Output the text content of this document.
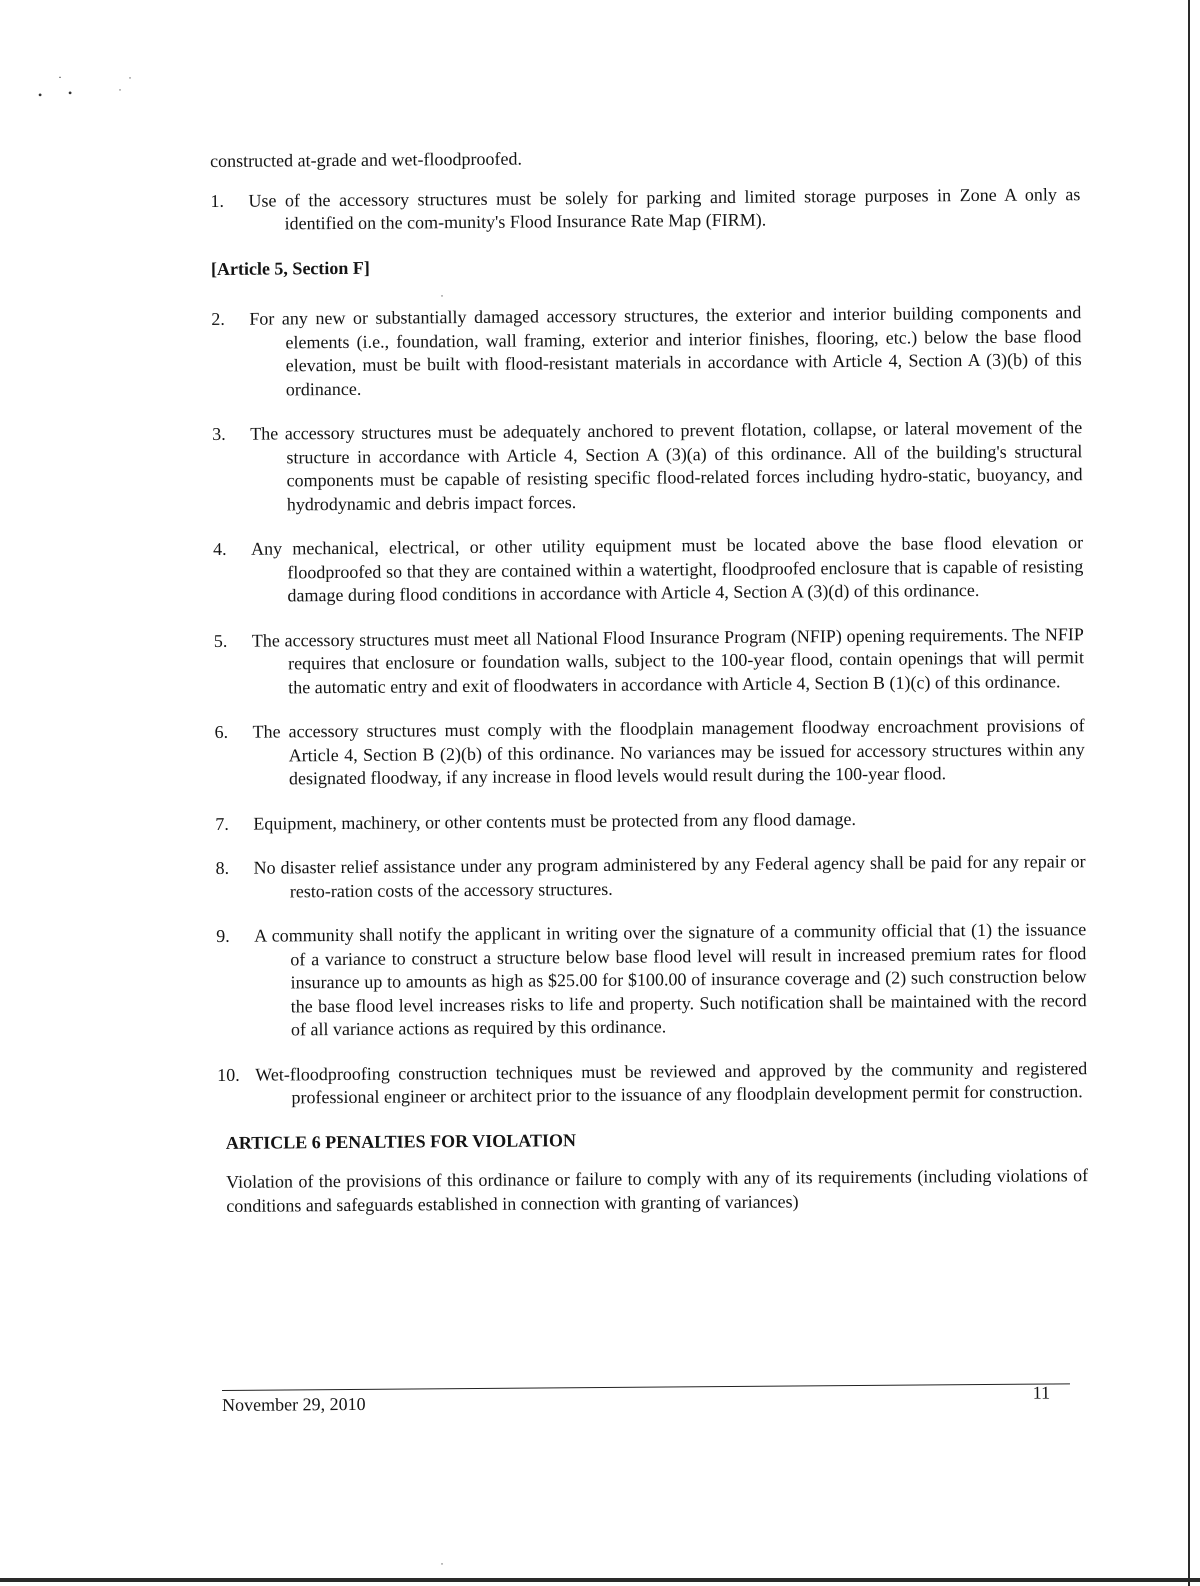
·
• •	˙
˙
˙
˙

constructed at-grade and wet-floodproofed.

1.	Use of the accessory structures must be solely for parking and limited storage purposes in Zone A only as identified on the com-munity's Flood Insurance Rate Map (FIRM).

[Article 5, Section F]

2.	For any new or substantially damaged accessory structures, the exterior and interior building components and elements (i.e., foundation, wall framing, exterior and interior finishes, flooring, etc.) below the base flood elevation, must be built with flood-resistant materials in accordance with Article 4, Section A (3)(b) of this ordinance.
3.	The accessory structures must be adequately anchored to prevent flotation, collapse, or lateral movement of the structure in accordance with Article 4, Section A (3)(a) of this ordinance. All of the building's structural components must be capable of resisting specific flood-related forces including hydro-static, buoyancy, and hydrodynamic and debris impact forces.
4.	Any mechanical, electrical, or other utility equipment must be located above the base flood elevation or floodproofed so that they are contained within a watertight, floodproofed enclosure that is capable of resisting damage during flood conditions in accordance with Article 4, Section A (3)(d) of this ordinance.
5.	The accessory structures must meet all National Flood Insurance Program (NFIP) opening requirements. The NFIP requires that enclosure or foundation walls, subject to the 100-year flood, contain openings that will permit the automatic entry and exit of floodwaters in accordance with Article 4, Section B (1)(c) of this ordinance.
6.	The accessory structures must comply with the floodplain management floodway encroachment provisions of Article 4, Section B (2)(b) of this ordinance. No variances may be issued for accessory structures within any designated floodway, if any increase in flood levels would result during the 100-year flood.
7.	Equipment, machinery, or other contents must be protected from any flood damage.
8.	No disaster relief assistance under any program administered by any Federal agency shall be paid for any repair or resto-ration costs of the accessory structures.
9.	A community shall notify the applicant in writing over the signature of a community official that (1) the issuance of a variance to construct a structure below base flood level will result in increased premium rates for flood insurance up to amounts as high as $25.00 for $100.00 of insurance coverage and (2) such construction below the base flood level increases risks to life and property. Such notification shall be maintained with the record of all variance actions as required by this ordinance.
10. Wet-floodproofing construction techniques must be reviewed and approved by the community and registered professional engineer or architect prior to the issuance of any floodplain development permit for construction.

ARTICLE 6 PENALTIES FOR VIOLATION

Violation of the provisions of this ordinance or failure to comply with any of its requirements (including violations of conditions and safeguards established in connection with granting of variances)

November 29, 2010
11
